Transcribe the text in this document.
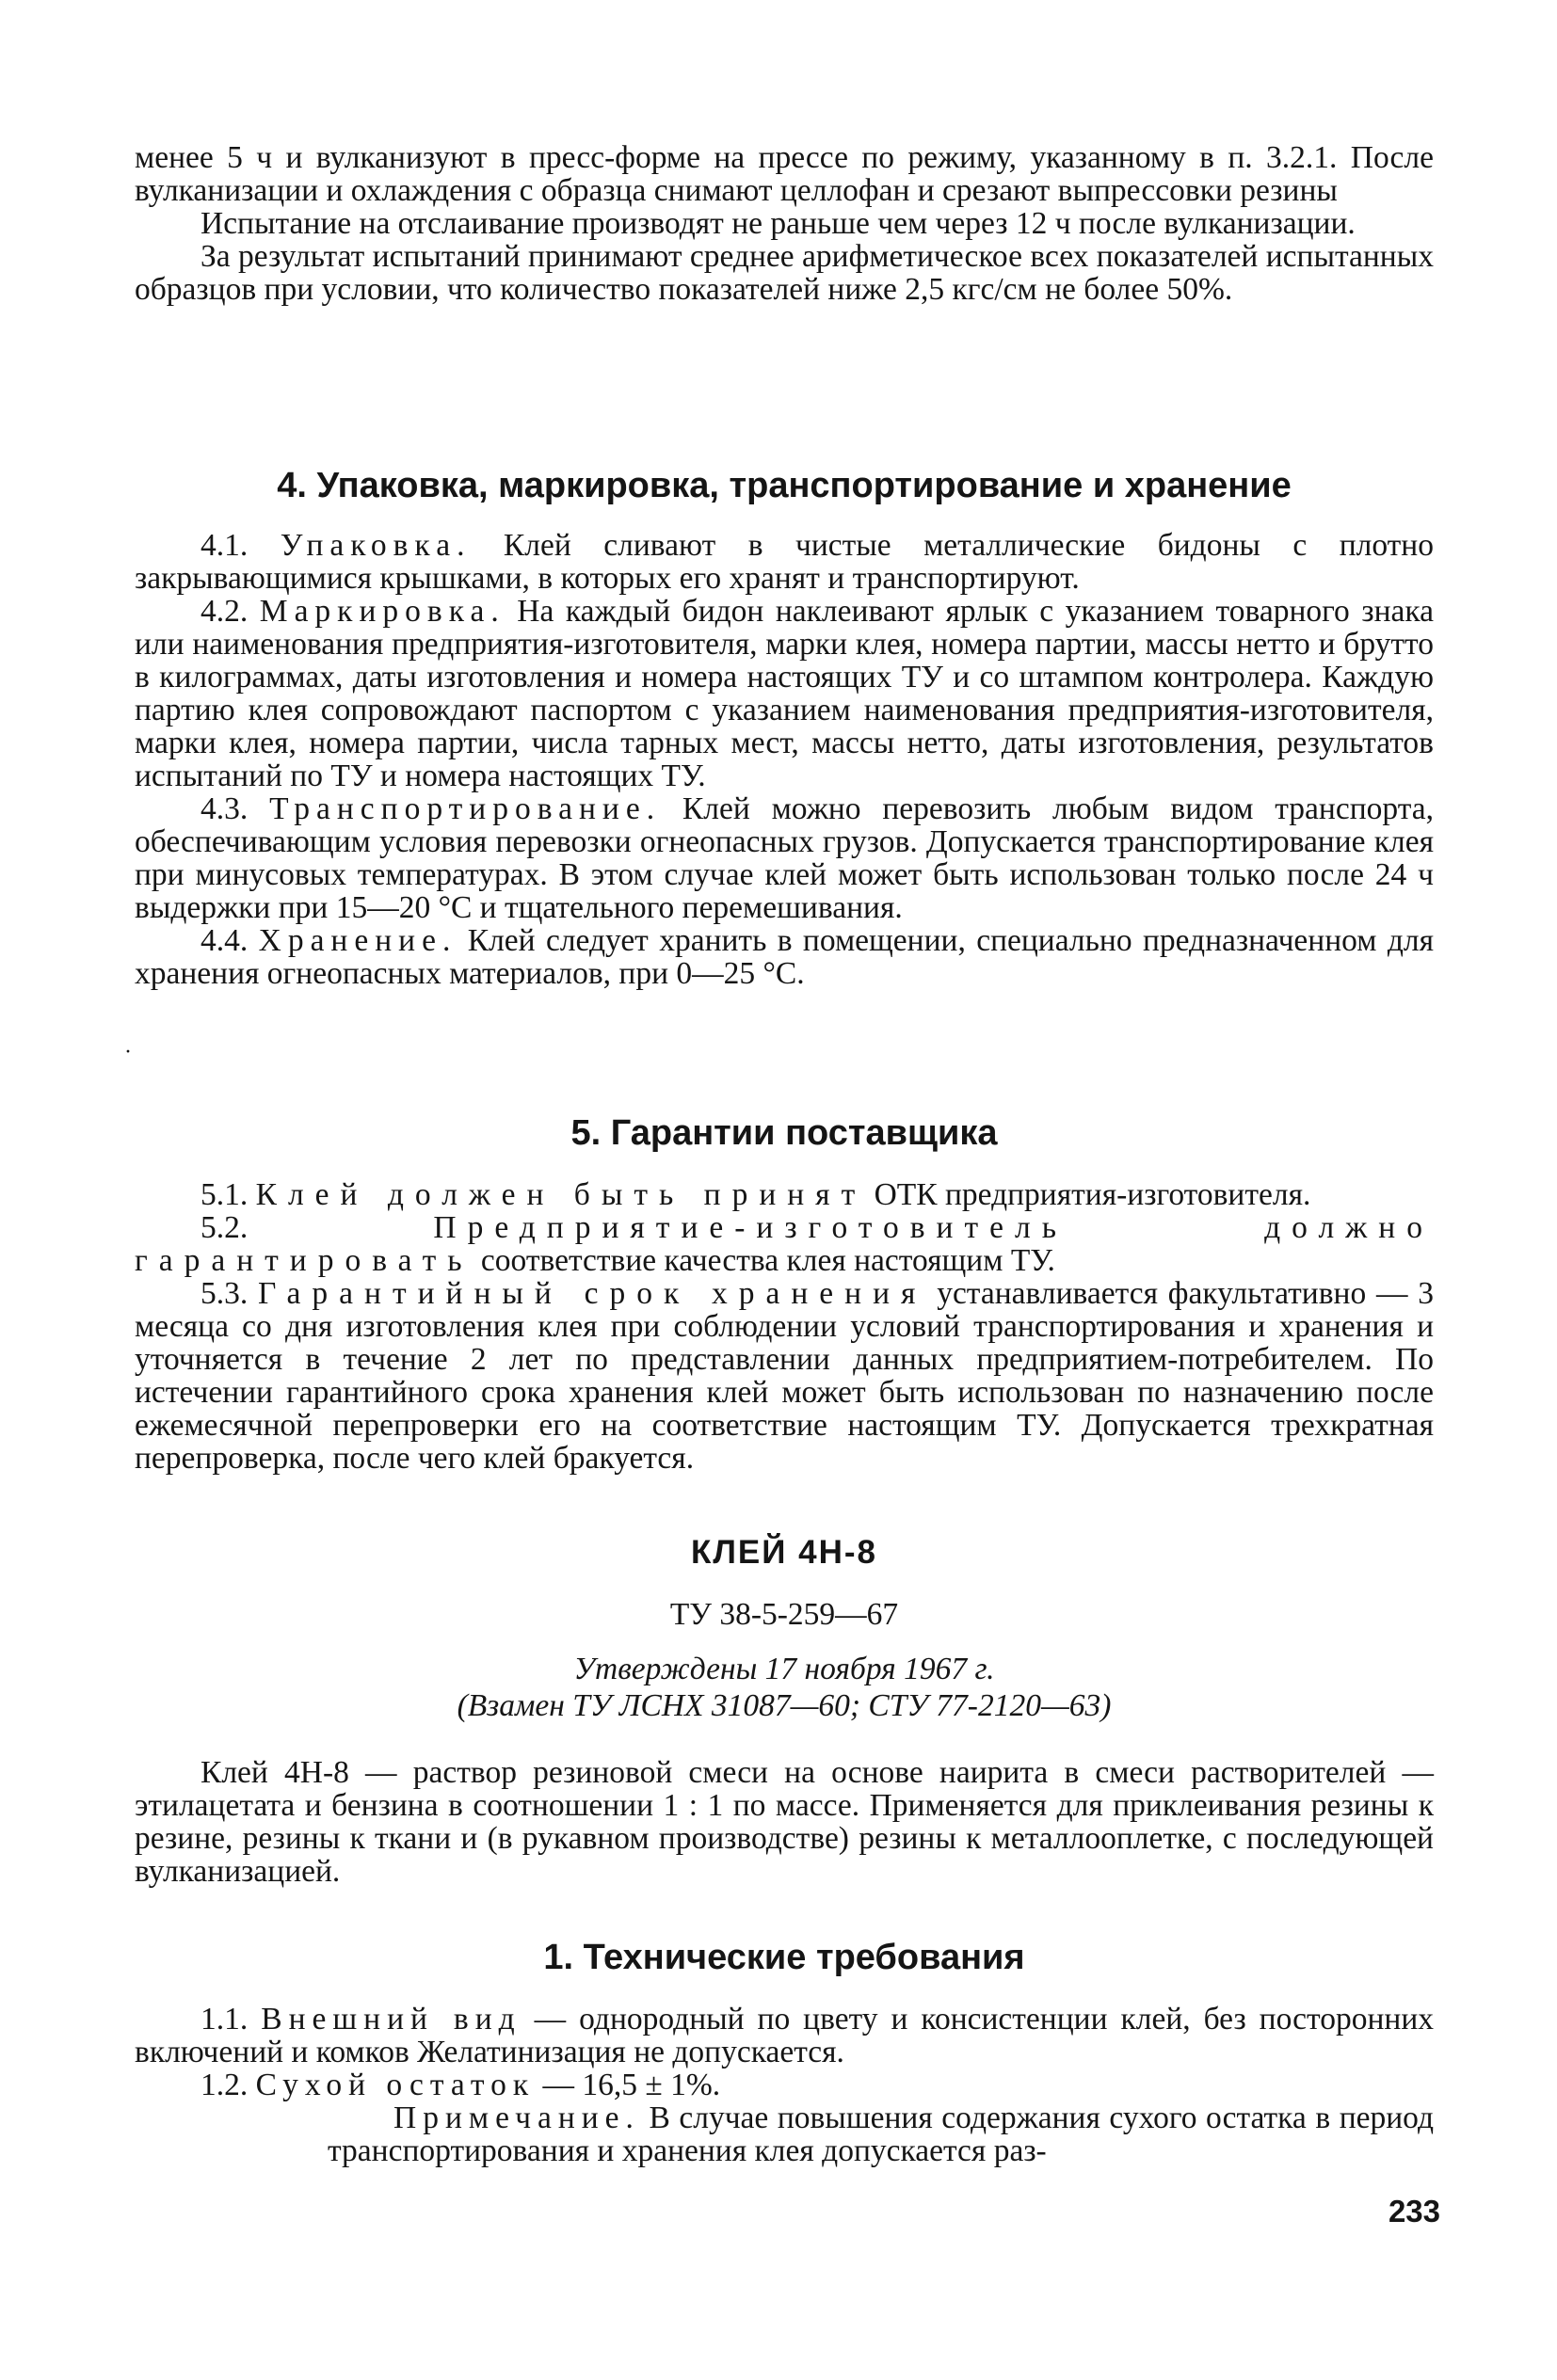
менее 5 ч и вулканизуют в пресс-форме на прессе по режиму, указанному в п. 3.2.1. После вулканизации и охлаждения с образца снимают целлофан и срезают выпрессовки резины

Испытание на отслаивание производят не раньше чем через 12 ч после вулканизации.

За результат испытаний принимают среднее арифметическое всех показателей испытанных образцов при условии, что количество показателей ниже 2,5 кгс/см не более 50%.

4. Упаковка, маркировка, транспортирование и хранение

4.1. Упаковка. Клей сливают в чистые металлические бидоны с плотно закрывающимися крышками, в которых его хранят и транспортируют.

4.2. Маркировка. На каждый бидон наклеивают ярлык с указанием товарного знака или наименования предприятия-изготовителя, марки клея, номера партии, массы нетто и брутто в килограммах, даты изготовления и номера настоящих ТУ и со штампом контролера. Каждую партию клея сопровождают паспортом с указанием наименования предприятия-изготовителя, марки клея, номера партии, числа тарных мест, массы нетто, даты изготовления, результатов испытаний по ТУ и номера настоящих ТУ.

4.3. Транспортирование. Клей можно перевозить любым видом транспорта, обеспечивающим условия перевозки огнеопасных грузов. Допускается транспортирование клея при минусовых температурах. В этом случае клей может быть использован только после 24 ч выдержки при 15—20 °С и тщательного перемешивания.

4.4. Хранение. Клей следует хранить в помещении, специально предназначенном для хранения огнеопасных материалов, при 0—25 °С.

·
5. Гарантии поставщика

5.1. Клей должен быть принят ОТК предприятия-изготовителя.

5.2.	Предприятие-изготовитель должно гарантировать соответствие качества клея настоящим ТУ.

5.3. Гарантийный срок хранения устанавливается факультативно — 3 месяца со дня изготовления клея при соблюдении условий транспортирования и хранения и уточняется в течение 2 лет по представлении данных предприятием-потребителем. По истечении гарантийного срока хранения клей может быть использован по назначению после ежемесячной перепроверки его на соответствие настоящим ТУ. Допускается трехкратная перепроверка, после чего клей бракуется.

КЛЕЙ 4Н-8

ТУ 38-5-259—67

Утверждены 17 ноября 1967 г.

(Взамен ТУ ЛСНХ 31087—60; СТУ 77-2120—63)

Клей 4Н-8 — раствор резиновой смеси на основе наирита в смеси растворителей — этилацетата и бензина в соотношении 1 : 1 по массе. Применяется для приклеивания резины к резине, резины к ткани и (в рукавном производстве) резины к металлооплетке, с последующей вулканизацией.

1. Технические требования

1.1. Внешний вид — однородный по цвету и консистенции клей, без посторонних включений и комков Желатинизация не допускается.

1.2. Сухой остаток — 16,5 ± 1%.

Примечание. В случае повышения содержания сухого остатка в период транспортирования и хранения клея допускается раз-

233
